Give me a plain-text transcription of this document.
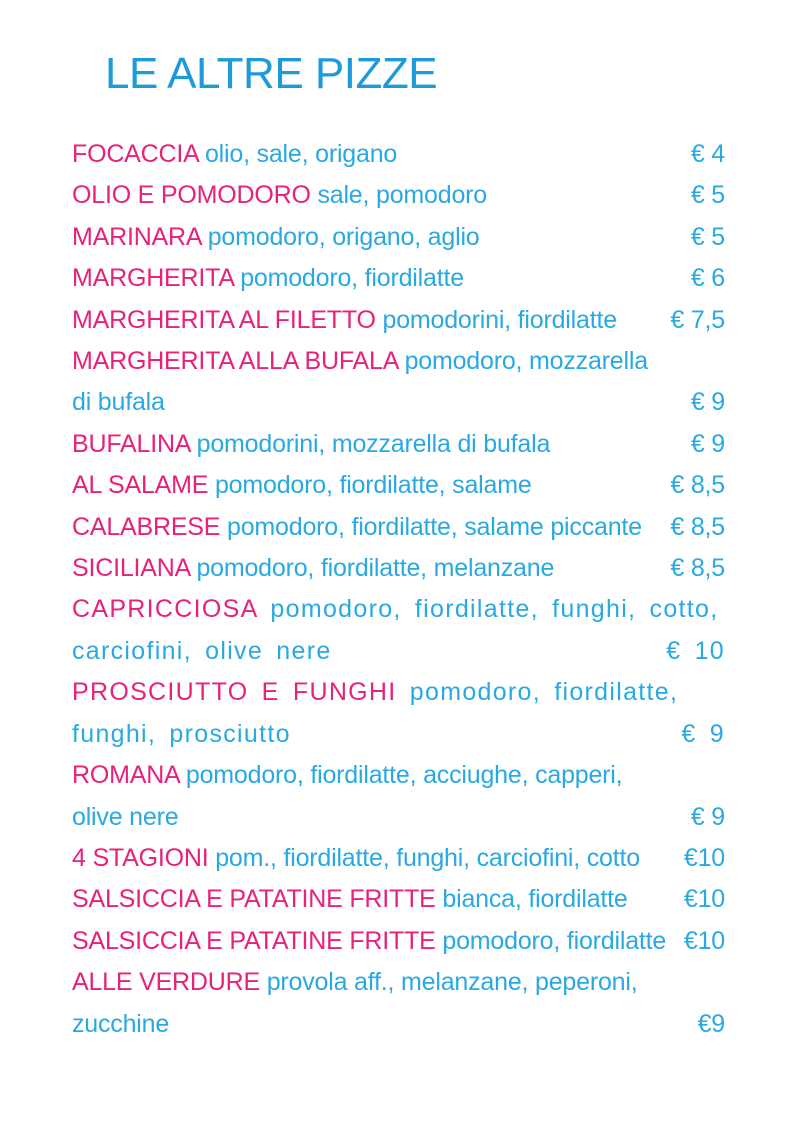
LE ALTRE PIZZE
FOCACCIA olio, sale, origano	€ 4
OLIO E POMODORO sale, pomodoro	€ 5
MARINARA pomodoro, origano, aglio	€ 5
MARGHERITA pomodoro, fiordilatte	€ 6
MARGHERITA AL FILETTO pomodorini, fiordilatte € 7,5
MARGHERITA ALLA BUFALA pomodoro, mozzarella
di bufala	€ 9
BUFALINA pomodorini, mozzarella di bufala	€ 9
AL SALAME pomodoro, fiordilatte, salame	€ 8,5
CALABRESE pomodoro, fiordilatte, salame piccante € 8,5
SICILIANA pomodoro, fiordilatte, melanzane	€ 8,5
CAPRICCIOSA pomodoro, fiordilatte, funghi, cotto,
carciofini, olive nere	€ 10
PROSCIUTTO E FUNGHI pomodoro, fiordilatte,
funghi, prosciutto	€ 9
ROMANA pomodoro, fiordilatte, acciughe, capperi,
olive nere	€ 9
4 STAGIONI pom., fiordilatte, funghi, carciofini, cotto €10
SALSICCIA E PATATINE FRITTE bianca, fiordilatte €10
SALSICCIA E PATATINE FRITTE pomodoro, fiordilatte €10
ALLE VERDURE provola aff., melanzane, peperoni,
zucchine	€9
